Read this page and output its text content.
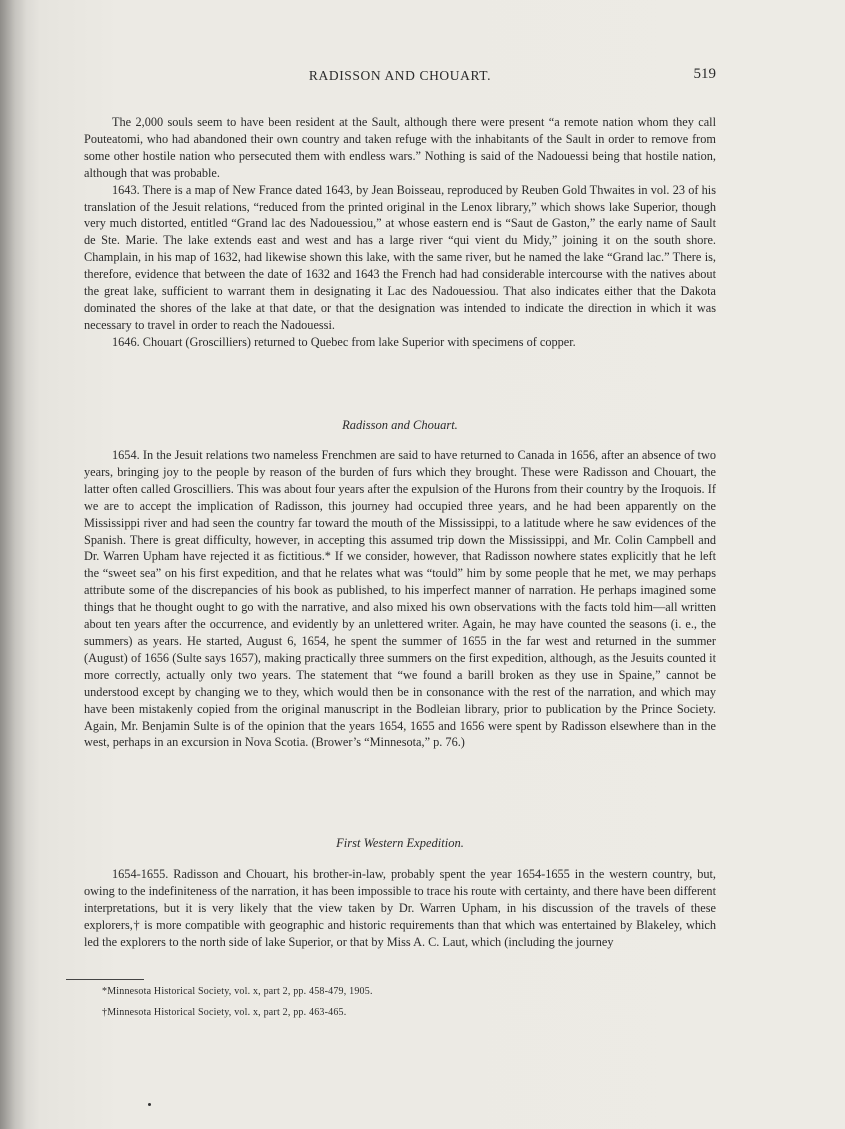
RADISSON AND CHOUART.	519

The 2,000 souls seem to have been resident at the Sault, although there were present “a remote nation whom they call Pouteatomi, who had abandoned their own country and taken refuge with the inhabitants of the Sault in order to remove from some other hostile nation who persecuted them with endless wars.” Nothing is said of the Nadouessi being that hostile nation, although that was probable.

1643. There is a map of New France dated 1643, by Jean Boisseau, reproduced by Reuben Gold Thwaites in vol. 23 of his translation of the Jesuit relations, “reduced from the printed original in the Lenox library,” which shows lake Superior, though very much distorted, entitled “Grand lac des Nadouessiou,” at whose eastern end is “Saut de Gaston,” the early name of Sault de Ste. Marie. The lake extends east and west and has a large river “qui vient du Midy,” joining it on the south shore. Champlain, in his map of 1632, had likewise shown this lake, with the same river, but he named the lake “Grand lac.” There is, therefore, evidence that between the date of 1632 and 1643 the French had had considerable intercourse with the natives about the great lake, sufficient to warrant them in designating it Lac des Nadouessiou. That also indicates either that the Dakota dominated the shores of the lake at that date, or that the designation was intended to indicate the direction in which it was necessary to travel in order to reach the Nadouessi.

1646. Chouart (Groscilliers) returned to Quebec from lake Superior with specimens of copper.

Radisson and Chouart.

1654. In the Jesuit relations two nameless Frenchmen are said to have returned to Canada in 1656, after an absence of two years, bringing joy to the people by reason of the burden of furs which they brought. These were Radisson and Chouart, the latter often called Groscilliers. This was about four years after the expulsion of the Hurons from their country by the Iroquois. If we are to accept the implication of Radisson, this journey had occupied three years, and he had been apparently on the Mississippi river and had seen the country far toward the mouth of the Mississippi, to a latitude where he saw evidences of the Spanish. There is great difficulty, however, in accepting this assumed trip down the Mississippi, and Mr. Colin Campbell and Dr. Warren Upham have rejected it as fictitious.* If we consider, however, that Radisson nowhere states explicitly that he left the “sweet sea” on his first expedition, and that he relates what was “tould” him by some people that he met, we may perhaps attribute some of the discrepancies of his book as published, to his imperfect manner of narration. He perhaps imagined some things that he thought ought to go with the narrative, and also mixed his own observations with the facts told him—all written about ten years after the occurrence, and evidently by an unlettered writer. Again, he may have counted the seasons (i. e., the summers) as years. He started, August 6, 1654, he spent the summer of 1655 in the far west and returned in the summer (August) of 1656 (Sulte says 1657), making practically three summers on the first expedition, although, as the Jesuits counted it more correctly, actually only two years. The statement that “we found a barill broken as they use in Spaine,” cannot be understood except by changing we to they, which would then be in consonance with the rest of the narration, and which may have been mistakenly copied from the original manuscript in the Bodleian library, prior to publication by the Prince Society. Again, Mr. Benjamin Sulte is of the opinion that the years 1654, 1655 and 1656 were spent by Radisson elsewhere than in the west, perhaps in an excursion in Nova Scotia. (Brower’s “Minnesota,” p. 76.)

First Western Expedition.

1654-1655. Radisson and Chouart, his brother-in-law, probably spent the year 1654-1655 in the western country, but, owing to the indefiniteness of the narration, it has been impossible to trace his route with certainty, and there have been different interpretations, but it is very likely that the view taken by Dr. Warren Upham, in his discussion of the travels of these explorers,† is more compatible with geographic and historic requirements than that which was entertained by Blakeley, which led the explorers to the north side of lake Superior, or that by Miss A. C. Laut, which (including the journey

*Minnesota Historical Society, vol. x, part 2, pp. 458-479, 1905.
†Minnesota Historical Society, vol. x, part 2, pp. 463-465.
